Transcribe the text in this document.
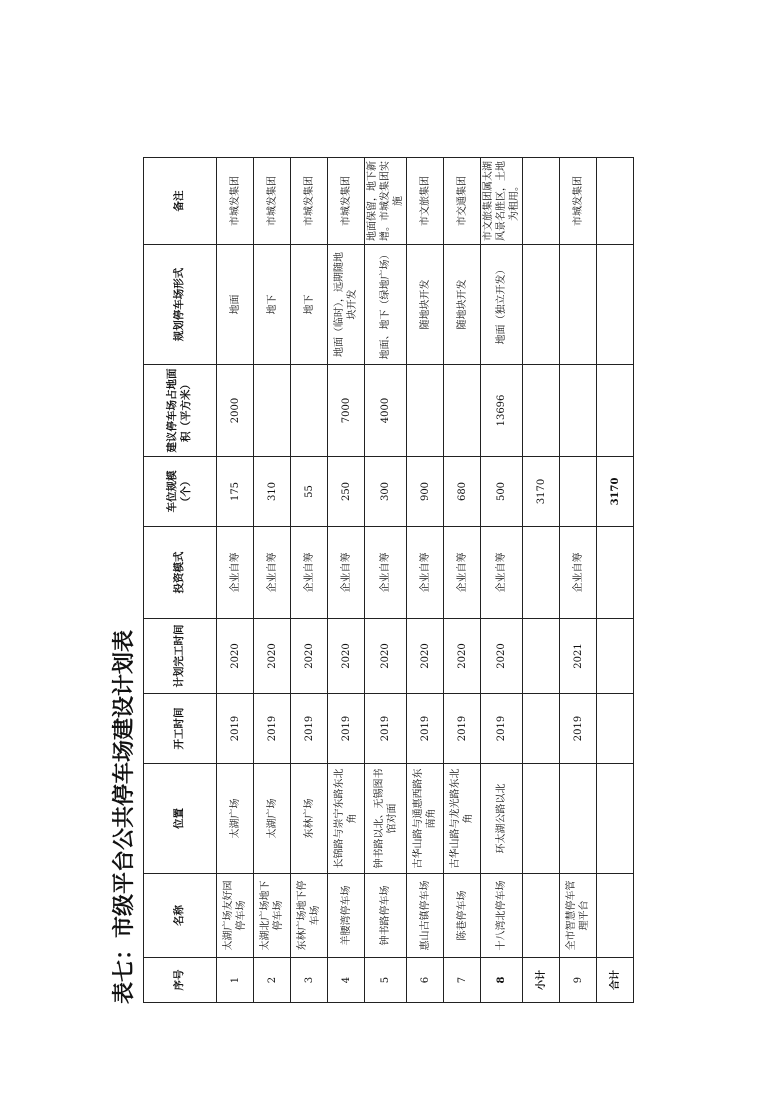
表七：市级平台公共停车场建设计划表	序号	名称	位置	开工时间	计划完工时间	投资模式	车位规模（个）	建议停车场占地面积（平方米）	规划停车场形式	备注
1	太湖广场友好园停车场	太湖广场	2019	2020	企业自筹	175	2000	地面	市城发集团
2	太湖北广场地下停车场	太湖广场	2019	2020	企业自筹	310		地下	市城发集团
3	东林广场地下停车场	东林广场	2019	2020	企业自筹	55		地下	市城发集团
4	羊腰湾停车场	长锦路与崇宁东路东北角	2019	2020	企业自筹	250	7000	地面（临时），远期随地块开发	市城发集团
5	钟书路停车场	钟书路以北、无锡图书馆对面	2019	2020	企业自筹	300	4000	地面、地下（绿地广场）	地面保留，地下新增。市城发集团实施
6	惠山古镇停车场	古华山路与通惠西路东南角	2019	2020	企业自筹	900		随地块开发	市文旅集团
7	陈巷停车场	古华山路与龙光路东北角	2019	2020	企业自筹	680		随地块开发	市交通集团
8	十八湾北停车场	环太湖公路以北	2019	2020	企业自筹	500	13696	地面（独立开发）	市文旅集团属太湖风景名胜区，土地为租用。
小计						3170			
9	全市智慧停车管理平台		2019	2021	企业自筹				市城发集团
合计						3170			
